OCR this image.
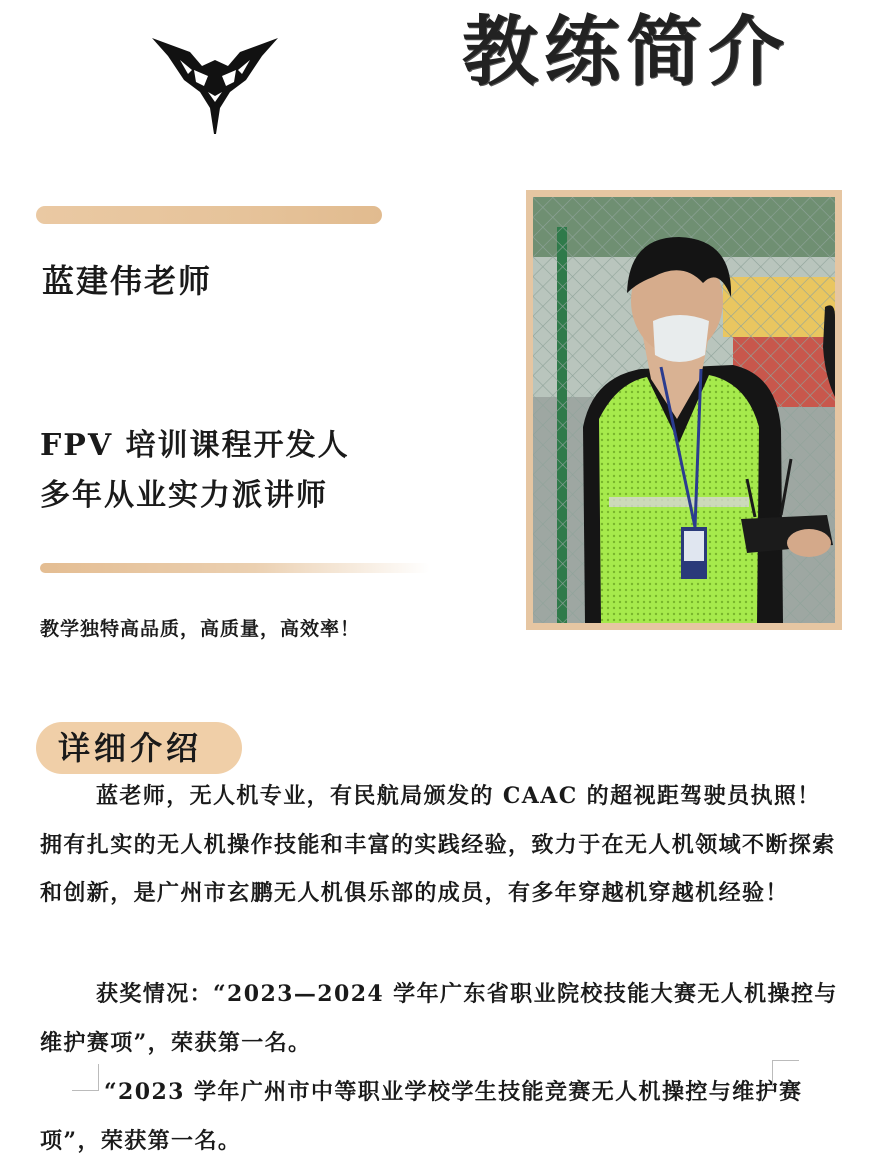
教练简介
蓝建伟老师
FPV 培训课程开发人
多年从业实力派讲师
教学独特高品质，高质量，高效率！
详细介绍

蓝老师，无人机专业，有民航局颁发的 CAAC 的超视距驾驶员执照！拥有扎实的无人机操作技能和丰富的实践经验，致力于在无人机领域不断探索和创新，是广州市玄鹏无人机俱乐部的成员，有多年穿越机穿越机经验！

获奖情况：“2023—2024 学年广东省职业院校技能大赛无人机操控与维护赛项”，荣获第一名。

“2023 学年广州市中等职业学校学生技能竞赛无人机操控与维护赛项”，荣获第一名。
